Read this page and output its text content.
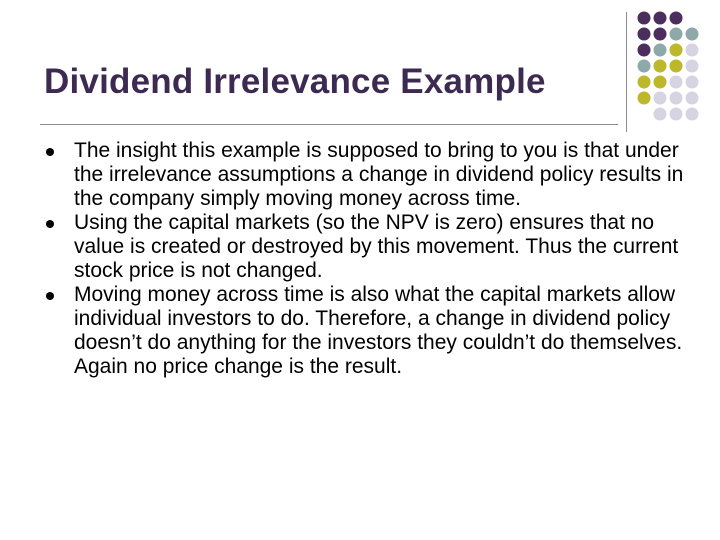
Dividend Irrelevance Example
The insight this example is supposed to bring to you is that under the irrelevance assumptions a change in dividend policy results in the company simply moving money across time.
Using the capital markets (so the NPV is zero) ensures that no value is created or destroyed by this movement. Thus the current stock price is not changed.
Moving money across time is also what the capital markets allow individual investors to do. Therefore, a change in dividend policy doesn’t do anything for the investors they couldn’t do themselves. Again no price change is the result.
